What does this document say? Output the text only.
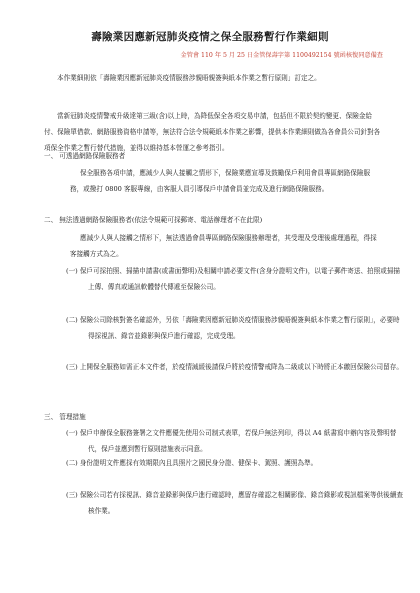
壽險業因應新冠肺炎疫情之保全服務暫行作業細則
金管會 110 年 5 月 25 日金管保壽字第 1100492154 號函核復同意備查
本作業細則依「壽險業因應新冠肺炎疫情服務涉親晤親簽與紙本作業之暫行原則」訂定之。
當新冠肺炎疫情警戒升級達第三級(含)以上時，為降低保全各項交易申請，包括但不限於契約變更、保險金給付、保險單借款、網路服務資格申請等，無法符合法令規範紙本作業之影響，提供本作業細則做為各會員公司針對各項保全作業之暫行替代措施，並得以維持基本營運之參考指引。
一、 可透過網路保險服務者
保全服務各項申請，應減少人與人接觸之情形下，保險業應宣導及鼓勵保戶利用會員專區網路保險服務，或撥打 0800 客服專線，由客服人員引導保戶申請會員並完成及進行網路保險服務。
二、 無法透過網路保險服務者(依法令規範可採郵寄、電話辦理者不在此限)
應減少人與人接觸之情形下，無法透過會員專區網路保險服務辦理者，其受理及受理後處理過程，得採客接觸方式為之。
(一) 保戶可採拍照、掃描申請書(或書面聲明)及相關申請必要文件(含身分證明文件)，以電子郵件寄送、拍照或掃描上傳、傳真或通訊軟體替代傳遞至保險公司。
(二) 保險公司除核對簽名確認外，另依「壽險業因應新冠肺炎疫情服務涉親晤親簽與紙本作業之暫行原則」，必要時得採視訊、錄音並錄影與保戶進行確認，完成受理。
(三) 上開保全服務如需正本文件者，於疫情減緩後請保戶將於疫情警戒降為二級或以下時將正本繳回保險公司留存。
三、 管理措施
(一) 保戶申辦保全服務簽署之文件應優先使用公司制式表單，若保戶無法列印，得以 A4 紙書寫申辦內容及聲明替代，保戶並應到暫行原則措施表示同意。
(二) 身份證明文件應採有效期限內且具照片之國民身分證、健保卡、駕照、護照為準。
(三) 保險公司若有採視訊、錄音並錄影與保戶進行確認時，應留存確認之相關影像、錄音錄影或視訊檔案等供後續查核作業。
